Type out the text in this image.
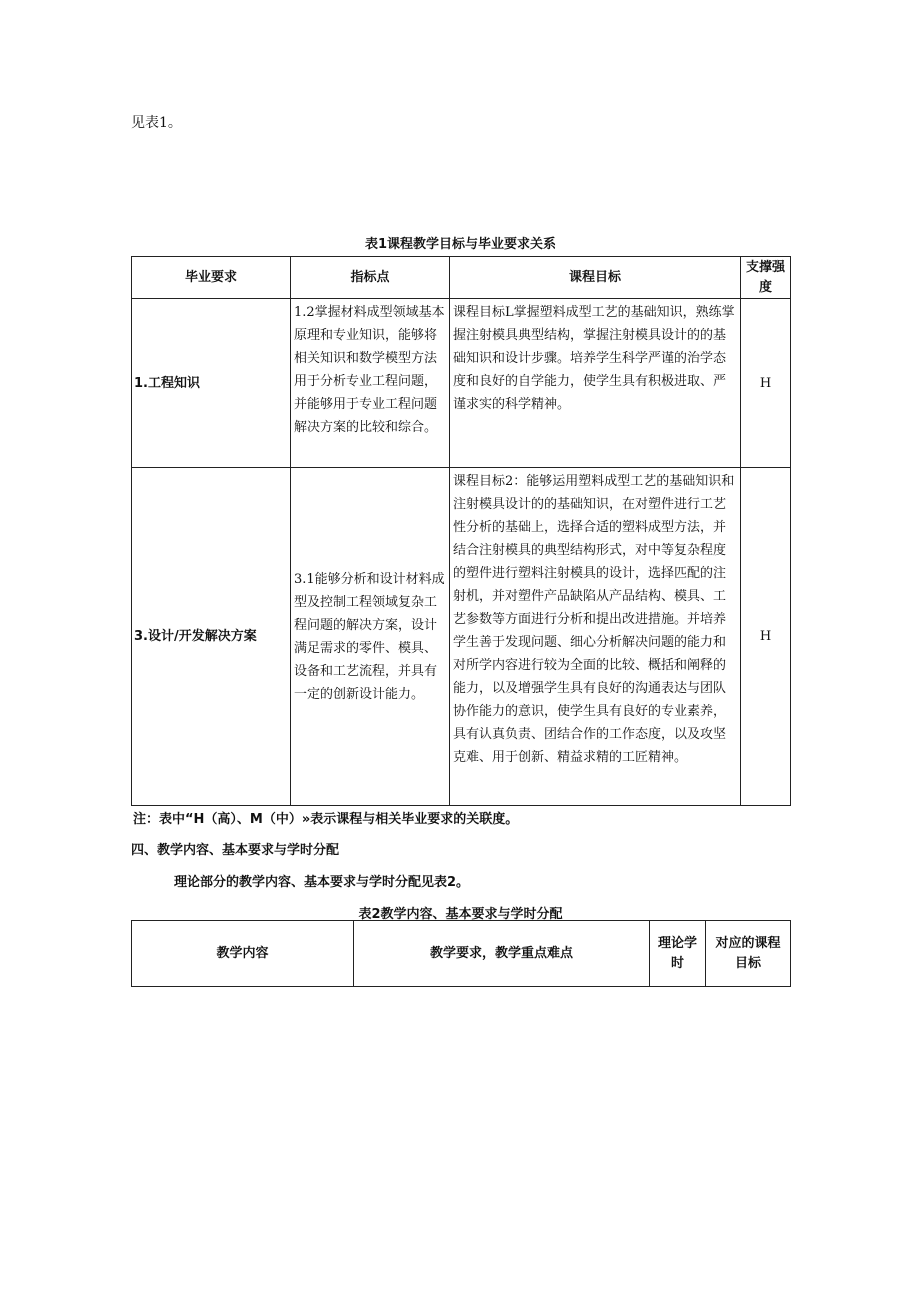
见表1。
表1课程教学目标与毕业要求关系
毕业要求	指标点	课程目标	支撑强度
1.工程知识	1.2掌握材料成型领域基本原理和专业知识，能够将相关知识和数学模型方法用于分析专业工程问题，并能够用于专业工程问题解决方案的比较和综合。	课程目标L掌握塑料成型工艺的基础知识，熟练掌握注射模具典型结构，掌握注射模具设计的的基础知识和设计步骤。培养学生科学严谨的治学态度和良好的自学能力，使学生具有积极进取、严谨求实的科学精神。	H
3.设计/开发解决方案	3.1能够分析和设计材料成型及控制工程领域复杂工程问题的解决方案，设计满足需求的零件、模具、设备和工艺流程，并具有一定的创新设计能力。	课程目标2：能够运用塑料成型工艺的基础知识和注射模具设计的的基础知识，在对塑件进行工艺性分析的基础上，选择合适的塑料成型方法，并结合注射模具的典型结构形式，对中等复杂程度的塑件进行塑料注射模具的设计，选择匹配的注射机，并对塑件产品缺陷从产品结构、模具、工艺参数等方面进行分析和提出改进措施。并培养学生善于发现问题、细心分析解决问题的能力和对所学内容进行较为全面的比较、概括和阐释的能力，以及增强学生具有良好的沟通表达与团队协作能力的意识，使学生具有良好的专业素养，具有认真负责、团结合作的工作态度，以及攻坚克难、用于创新、精益求精的工匠精神。	H
注：表中“H（高）、M（中）»表示课程与相关毕业要求的关联度。
四、教学内容、基本要求与学时分配
理论部分的教学内容、基本要求与学时分配见表2。
表2教学内容、基本要求与学时分配
教学内容	教学要求，教学重点难点	理论学时	对应的课程目标
